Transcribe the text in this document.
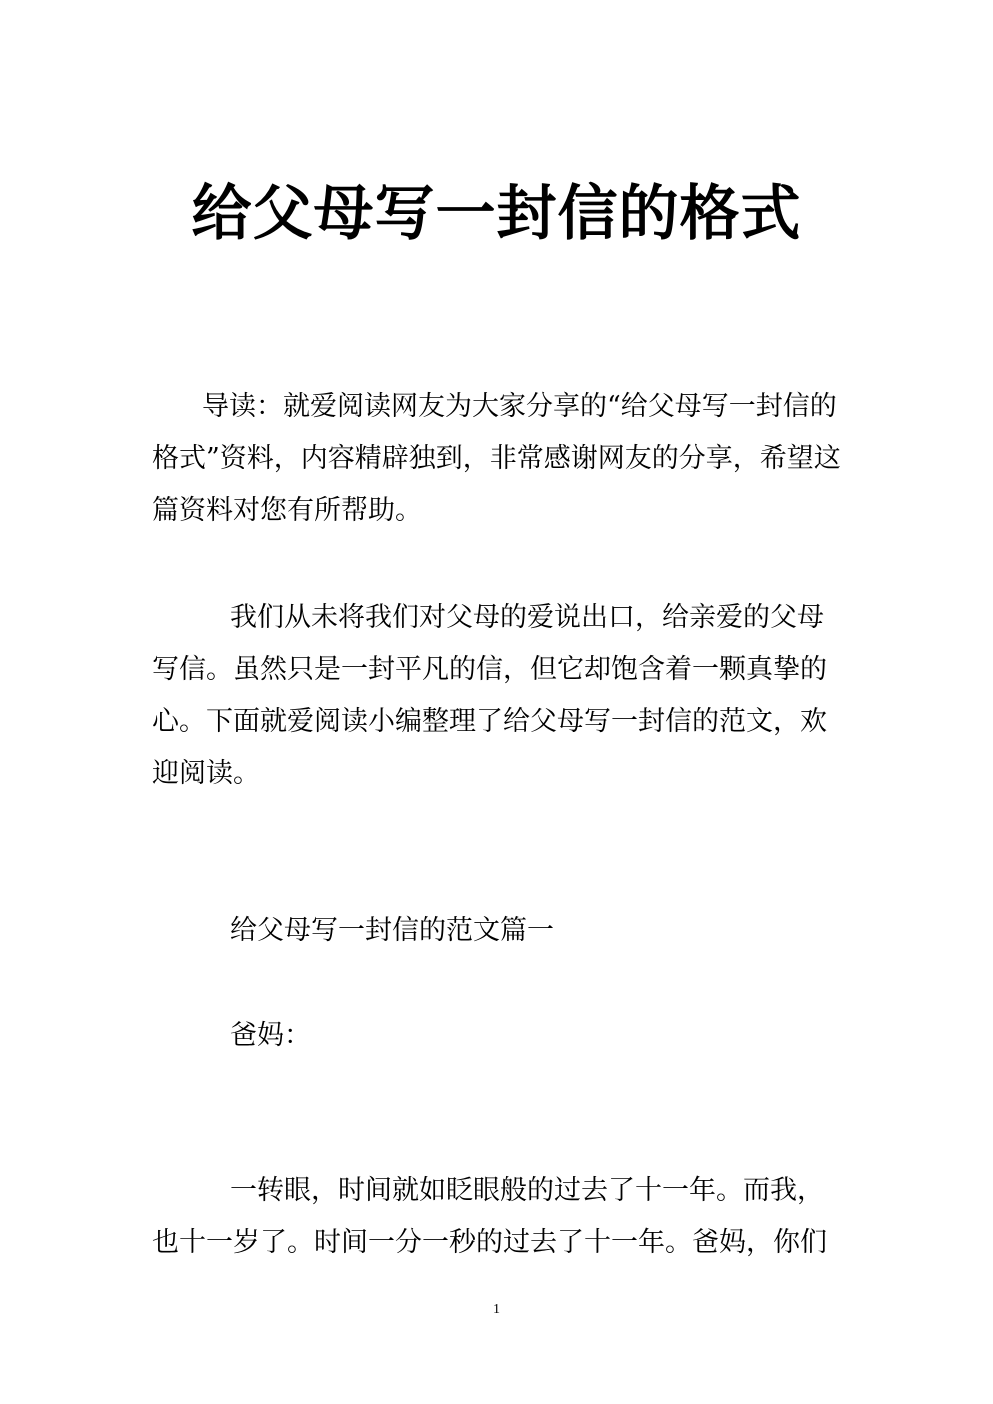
给父母写一封信的格式
导读：就爱阅读网友为大家分享的“给父母写一封信的
格式”资料，内容精辟独到，非常感谢网友的分享，希望这
篇资料对您有所帮助。
我们从未将我们对父母的爱说出口，给亲爱的父母
写信。虽然只是一封平凡的信，但它却饱含着一颗真挚的
心。下面就爱阅读小编整理了给父母写一封信的范文，欢
迎阅读。
给父母写一封信的范文篇一
爸妈：
一转眼，时间就如眨眼般的过去了十一年。而我，
也十一岁了。时间一分一秒的过去了十一年。爸妈，你们
1
